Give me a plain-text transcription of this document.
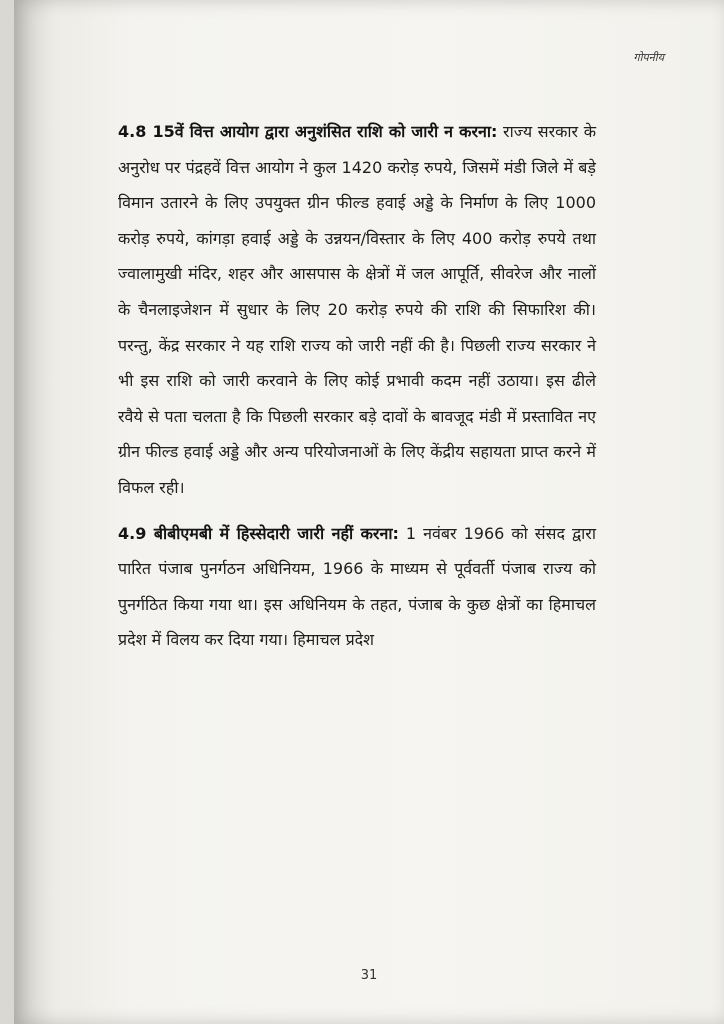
गोपनीय

4.8 15वें वित्त आयोग द्वारा अनुशंसित राशि को जारी न करना: राज्य सरकार के अनुरोध पर पंद्रहवें वित्त आयोग ने कुल 1420 करोड़ रुपये, जिसमें मंडी जिले में बड़े विमान उतारने के लिए उपयुक्त ग्रीन फील्ड हवाई अड्डे के निर्माण के लिए 1000 करोड़ रुपये, कांगड़ा हवाई अड्डे के उन्नयन/विस्तार के लिए 400 करोड़ रुपये तथा ज्वालामुखी मंदिर, शहर और आसपास के क्षेत्रों में जल आपूर्ति, सीवरेज और नालों के चैनलाइजेशन में सुधार के लिए 20 करोड़ रुपये की राशि की सिफारिश की। परन्तु, केंद्र सरकार ने यह राशि राज्य को जारी नहीं की है। पिछली राज्य सरकार ने भी इस राशि को जारी करवाने के लिए कोई प्रभावी कदम नहीं उठाया। इस ढीले रवैये से पता चलता है कि पिछली सरकार बड़े दावों के बावजूद मंडी में प्रस्तावित नए ग्रीन फील्ड हवाई अड्डे और अन्य परियोजनाओं के लिए केंद्रीय सहायता प्राप्त करने में विफल रही।

4.9 बीबीएमबी में हिस्सेदारी जारी नहीं करना: 1 नवंबर 1966 को संसद द्वारा पारित पंजाब पुनर्गठन अधिनियम, 1966 के माध्यम से पूर्ववर्ती पंजाब राज्य को पुनर्गठित किया गया था। इस अधिनियम के तहत, पंजाब के कुछ क्षेत्रों का हिमाचल प्रदेश में विलय कर दिया गया। हिमाचल प्रदेश

31
